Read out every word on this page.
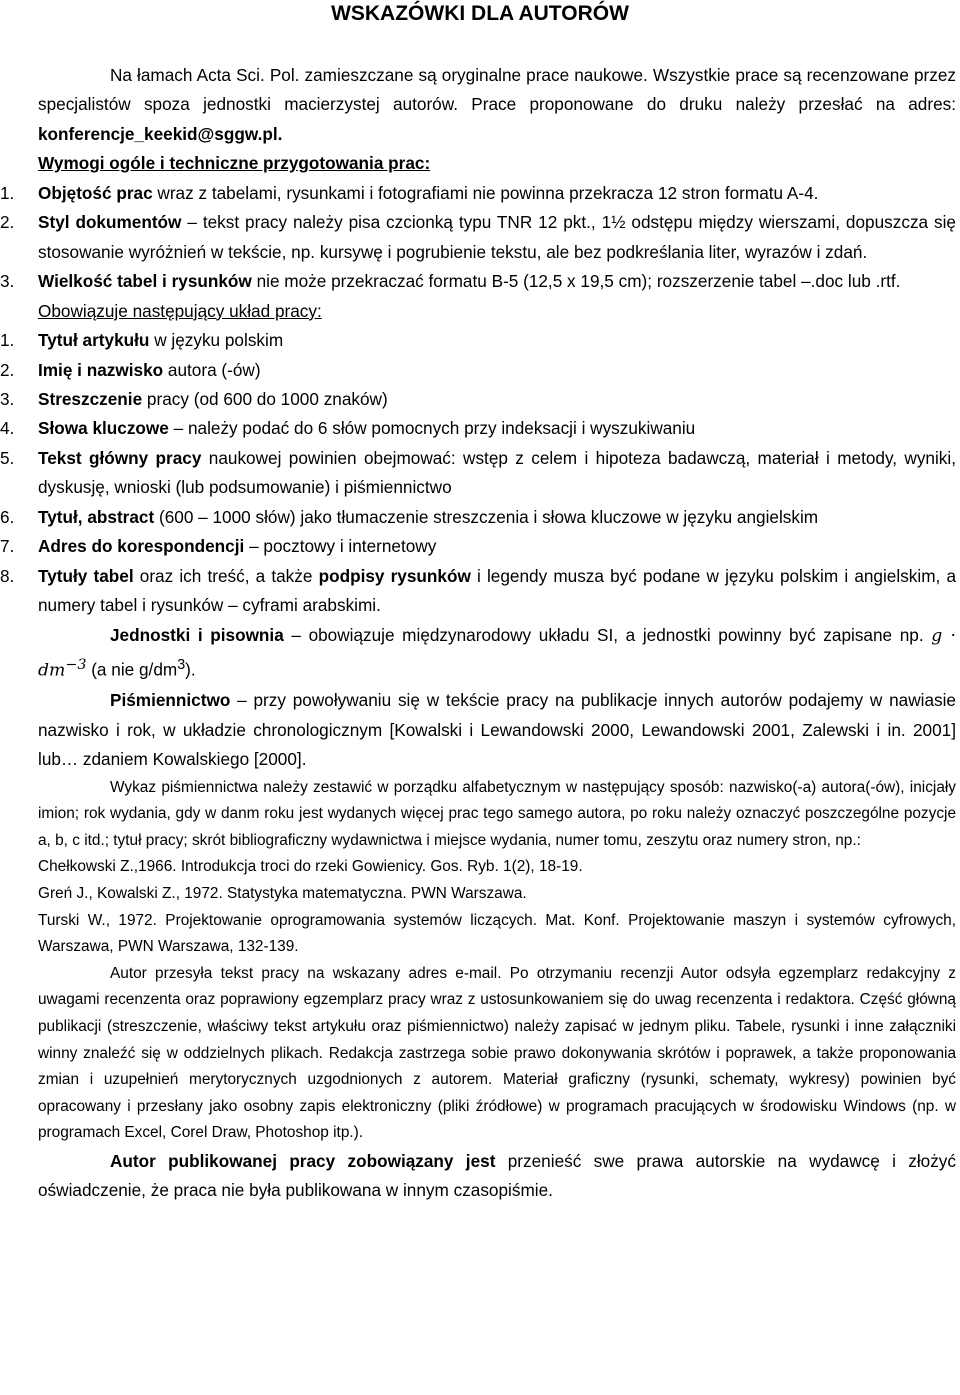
WSKAZÓWKI DLA AUTORÓW

Na łamach Acta Sci. Pol. zamieszczane są oryginalne prace naukowe. Wszystkie prace są recenzowane przez specjalistów spoza jednostki macierzystej autorów. Prace proponowane do druku należy przesłać na adres: konferencje_keekid@sggw.pl.

Wymogi ogóle i techniczne przygotowania prac:

1. Objętość prac wraz z tabelami, rysunkami i fotografiami nie powinna przekracza 12 stron formatu A-4.

2. Styl dokumentów – tekst pracy należy pisa czcionką typu TNR 12 pkt., 1½ odstępu między wierszami, dopuszcza się stosowanie wyróżnień w tekście, np. kursywę i pogrubienie tekstu, ale bez podkreślania liter, wyrazów i zdań.

3. Wielkość tabel i rysunków nie może przekraczać formatu B-5 (12,5 x 19,5 cm); rozszerzenie tabel –.doc lub .rtf.

Obowiązuje następujący układ pracy:

1. Tytuł artykułu w języku polskim

2. Imię i nazwisko autora (-ów)

3. Streszczenie pracy (od 600 do 1000 znaków)

4. Słowa kluczowe – należy podać do 6 słów pomocnych przy indeksacji i wyszukiwaniu

5. Tekst główny pracy naukowej powinien obejmować: wstęp z celem i hipoteza badawczą, materiał i metody, wyniki, dyskusję, wnioski (lub podsumowanie) i piśmiennictwo

6. Tytuł, abstract (600 – 1000 słów) jako tłumaczenie streszczenia i słowa kluczowe w języku angielskim

7. Adres do korespondencji – pocztowy i internetowy

8. Tytuły tabel oraz ich treść, a także podpisy rysunków i legendy musza być podane w języku polskim i angielskim, a numery tabel i rysunków – cyframi arabskimi.

Jednostki i pisownia – obowiązuje międzynarodowy układu SI, a jednostki powinny być zapisane np. $g \cdot dm^{-3}$ (a nie $g/dm^3$).

Piśmiennictwo – przy powoływaniu się w tekście pracy na publikacje innych autorów podajemy w nawiasie nazwisko i rok, w układzie chronologicznym [Kowalski i Lewandowski 2000, Lewandowski 2001, Zalewski i in. 2001] lub… zdaniem Kowalskiego [2000].

Wykaz piśmiennictwa należy zestawić w porządku alfabetycznym w następujący sposób: nazwisko(-a) autora(-ów), inicjały imion; rok wydania, gdy w danm roku jest wydanych więcej prac tego samego autora, po roku należy oznaczyć poszczególne pozycje a, b, c itd.; tytuł pracy; skrót bibliograficzny wydawnictwa i miejsce wydania, numer tomu, zeszytu oraz numery stron, np.:

Chełkowski Z.,1966. Introdukcja troci do rzeki Gowienicy. Gos. Ryb. 1(2), 18-19.

Greń J., Kowalski Z., 1972. Statystyka matematyczna. PWN Warszawa.

Turski W., 1972. Projektowanie oprogramowania systemów liczących. Mat. Konf. Projektowanie maszyn i systemów cyfrowych, Warszawa, PWN Warszawa, 132-139.

Autor przesyła tekst pracy na wskazany adres e-mail. Po otrzymaniu recenzji Autor odsyła egzemplarz redakcyjny z uwagami recenzenta oraz poprawiony egzemplarz pracy wraz z ustosunkowaniem się do uwag recenzenta i redaktora. Część główną publikacji (streszczenie, właściwy tekst artykułu oraz piśmiennictwo) należy zapisać w jednym pliku. Tabele, rysunki i inne załączniki winny znaleźć się w oddzielnych plikach. Redakcja zastrzega sobie prawo dokonywania skrótów i poprawek, a także proponowania zmian i uzupełnień merytorycznych uzgodnionych z autorem. Materiał graficzny (rysunki, schematy, wykresy) powinien być opracowany i przesłany jako osobny zapis elektroniczny (pliki źródłowe) w programach pracujących w środowisku Windows (np. w programach Excel, Corel Draw, Photoshop itp.).

Autor publikowanej pracy zobowiązany jest przenieść swe prawa autorskie na wydawcę i złożyć oświadczenie, że praca nie była publikowana w innym czasopiśmie.
